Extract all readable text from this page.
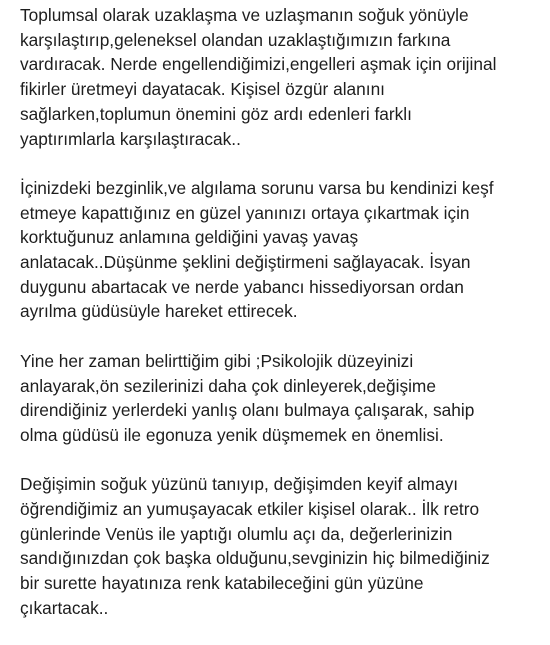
Toplumsal olarak uzaklaşma ve uzlaşmanın soğuk yönüyle
karşılaştırıp,geleneksel olandan uzaklaştığımızın farkına
vardıracak. Nerde engellendiğimizi,engelleri aşmak için orijinal
fikirler üretmeyi dayatacak. Kişisel özgür alanını
sağlarken,toplumun önemini göz ardı edenleri farklı
yaptırımlarla karşılaştıracak..

İçinizdeki bezginlik,ve algılama sorunu varsa bu kendinizi keşf
etmeye kapattığınız en güzel yanınızı ortaya çıkartmak için
korktuğunuz anlamına geldiğini yavaş yavaş
anlatacak..Düşünme şeklini değiştirmeni sağlayacak. İsyan
duygunu abartacak ve nerde yabancı hissediyorsan ordan
ayrılma güdüsüyle hareket ettirecek.

Yine her zaman belirttiğim gibi ;Psikolojik düzeyinizi
anlayarak,ön sezilerinizi daha çok dinleyerek,değişime
direndiğiniz yerlerdeki yanlış olanı bulmaya çalışarak, sahip
olma güdüsü ile egonuza yenik düşmemek en önemlisi.

Değişimin soğuk yüzünü tanıyıp, değişimden keyif almayı
öğrendiğimiz an yumuşayacak etkiler kişisel olarak.. İlk retro
günlerinde Venüs ile yaptığı olumlu açı da, değerlerinizin
sandığınızdan çok başka olduğunu,sevginizin hiç bilmediğiniz
bir surette hayatınıza renk katabileceğini gün yüzüne
çıkartacak..
